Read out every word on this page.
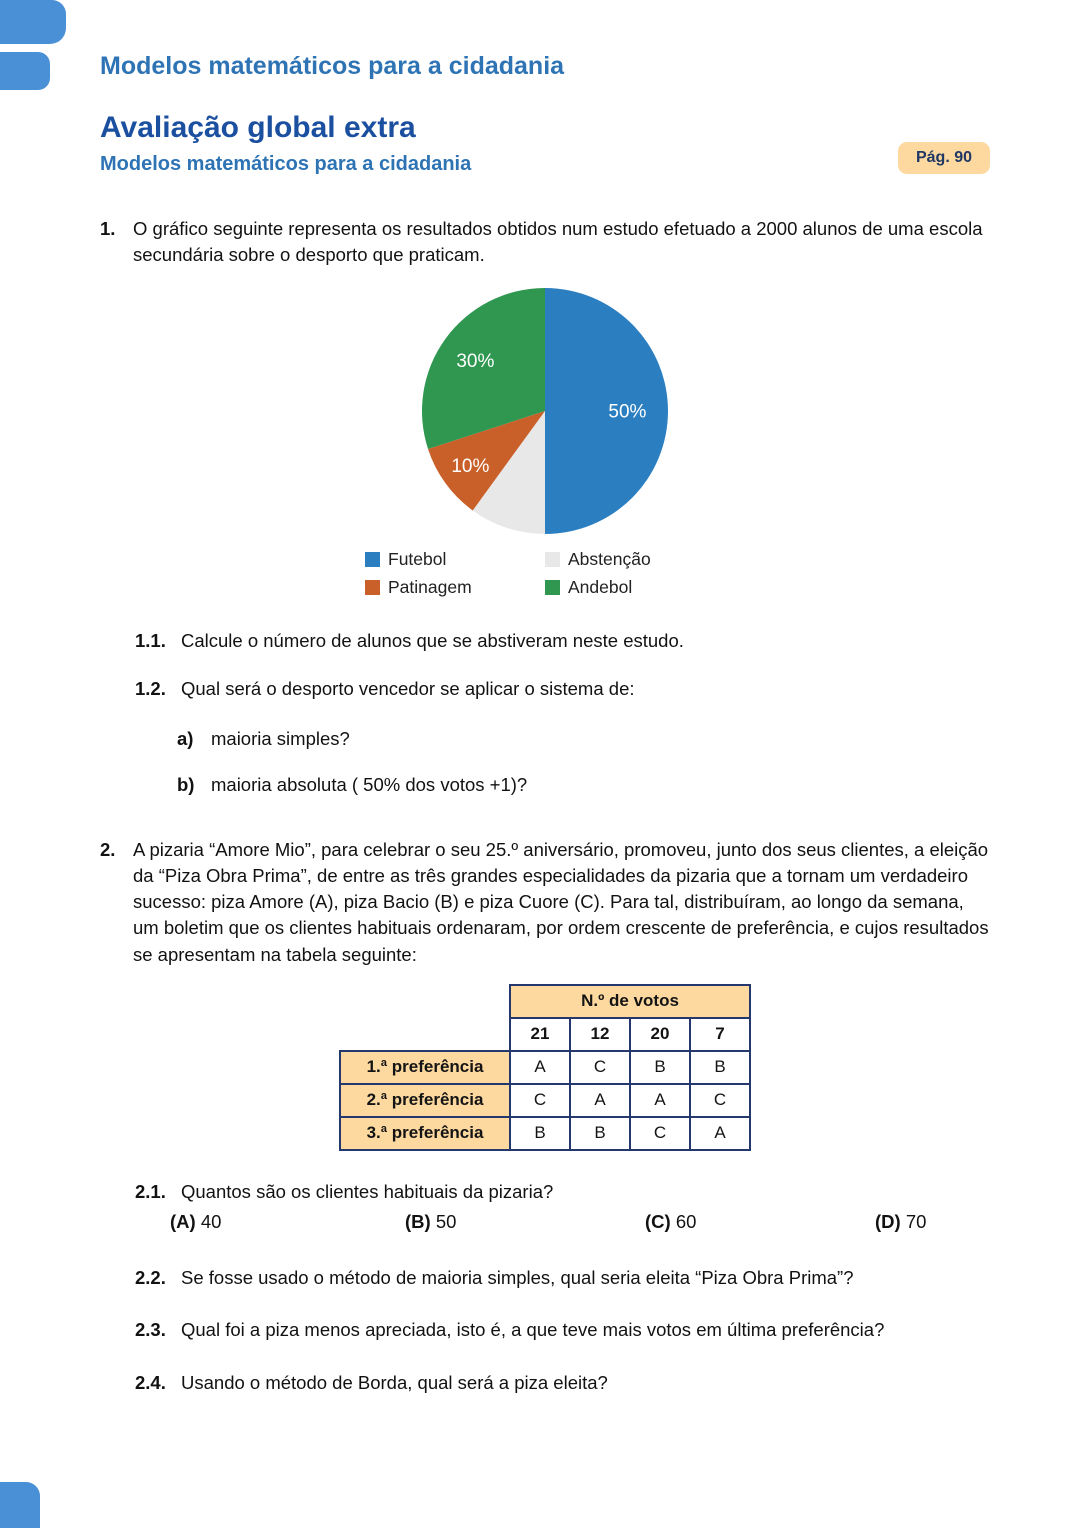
Pág. 90
Modelos matemáticos para a cidadania
Avaliação global extra
Modelos matemáticos para a cidadania
1. O gráfico seguinte representa os resultados obtidos num estudo efetuado a 2000 alunos de uma escola secundária sobre o desporto que praticam.
50%
10%
30%
Futebol	Abstenção
Patinagem	Andebol
1.1. Calcule o número de alunos que se abstiveram neste estudo.
1.2. Qual será o desporto vencedor se aplicar o sistema de:
a) maioria simples?
b) maioria absoluta ( 50% dos votos +1)?
2. A pizaria “Amore Mio”, para celebrar o seu 25.º aniversário, promoveu, junto dos seus clientes, a eleição da “Piza Obra Prima”, de entre as três grandes especialidades da pizaria que a tornam um verdadeiro sucesso: piza Amore (A), piza Bacio (B) e piza Cuore (C). Para tal, distribuíram, ao longo da semana, um boletim que os clientes habituais ordenaram, por ordem crescente de preferência, e cujos resultados se apresentam na tabela seguinte:
	N.º de votos			
	21	12	20	7
1.ª preferência	A	C	B	B
2.ª preferência	C	A	A	C
3.ª preferência	B	B	C	A
2.1. Quantos são os clientes habituais da pizaria?
(A) 40	(B) 50	(C) 60	(D) 70
2.2. Se fosse usado o método de maioria simples, qual seria eleita “Piza Obra Prima”?
2.3. Qual foi a piza menos apreciada, isto é, a que teve mais votos em última preferência?
2.4. Usando o método de Borda, qual será a piza eleita?
